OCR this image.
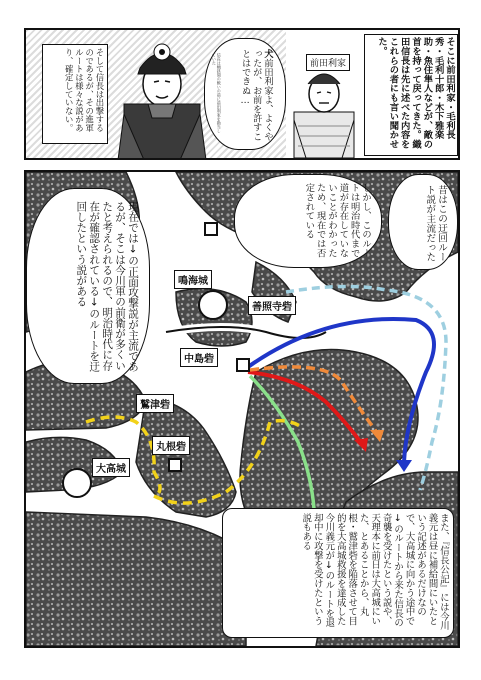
そして信長は出撃するのであるが、その進軍ルートは様々な説があり、確定していない。	犬前田利家よ、よくやったが、お前を許すことはできぬ…
信長は桶狭間の戦いの前に前田利家を勘当していた	前田利家	そこに前田利家・毛利長秀・毛利十郎・木下雅楽助・魚住隼人などが、敵の首を持って戻ってきた。織田信長は先に述べた内容をこれらの者にも言い聞かせた。
鳴海城
善照寺砦
中島砦
鷲津砦
丸根砦
大高城
昔はこの迂回ルート説が主流だった
しかし、このルートは明治時代まで道が存在していないことがわかったため、現在では否定されている
現在では↓の正面攻撃説が主流であるが、そこは今川軍の前衛が多くいたと考えられるので、明治時代に存在が確認されている↓のルートを迂回したという説がある
また、『信長公記』には今川義元は昼に補給間にいたという記述があるだけなので、大高城に向かう途中で↓のルートから来た信長の奇襲を受けたという説や、天理本に前日は大高城にいた、とあることから、丸根・鷲津砦を陥落させて目的を大高城救援を達成した今川義元が↓のルートを退却中に攻撃を受けたという説もある
